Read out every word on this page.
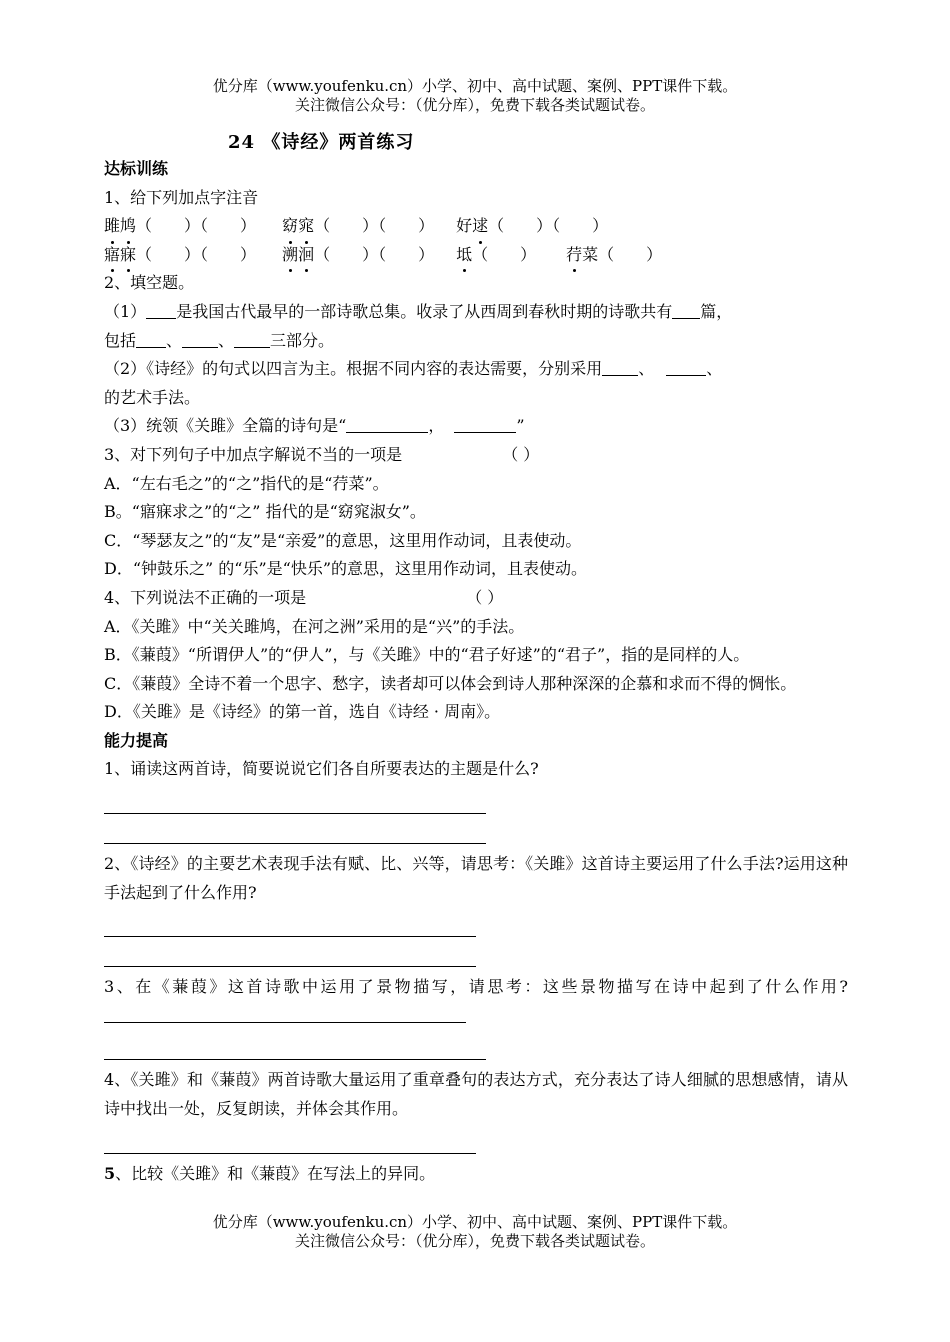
优分库（www.youfenku.cn）小学、初中、高中试题、案例、PPT课件下载。
关注微信公众号：（优分库），免费下载各类试题试卷。
24 《诗经》两首练习
达标训练
1、给下列加点字注音
雎鸠（　　）（　　） 窈窕（　　）（　　） 好逑（　　）（　　）
寤寐（　　）（　　） 溯洄（　　）（　　） 坻（　　） 荇菜（　　）
2、填空题。
（1） 是我国古代最早的一部诗歌总集。收录了从西周到春秋时期的诗歌共有 篇，
包括 、 、 三部分。
（2）《诗经》的句式以四言为主。根据不同内容的表达需要，分别采用 、	、
的艺术手法。
（3）统领《关雎》全篇的诗句是“	，	”
3、对下列句子中加点字解说不当的一项是	（ ）
A．“左右毛之”的“之”指代的是“荇菜”。
B。“寤寐求之”的“之” 指代的是“窈窕淑女”。
C．“琴瑟友之”的“友”是“亲爱”的意思，这里用作动词，且表使动。
D．“钟鼓乐之” 的“乐”是“快乐”的意思，这里用作动词，且表使动。
4、下列说法不正确的一项是	（ ）
A．《关雎》中“关关雎鸠，在河之洲”采用的是“兴”的手法。
B．《蒹葭》“所谓伊人”的“伊人”，与《关雎》中的“君子好逑”的“君子”，指的是同样的人。
C．《蒹葭》全诗不着一个思字、愁字，读者却可以体会到诗人那种深深的企慕和求而不得的惆怅。
D．《关雎》是《诗经》的第一首，选自《诗经 · 周南》。
能力提高
1、诵读这两首诗，简要说说它们各自所要表达的主题是什么?
2、《诗经》的主要艺术表现手法有赋、比、兴等，请思考：《关雎》这首诗主要运用了什么手法?运用这种手法起到了什么作用?
3、在《蒹葭》这首诗歌中运用了景物描写，请思考：这些景物描写在诗中起到了什么作用?
4、《关雎》和《蒹葭》两首诗歌大量运用了重章叠句的表达方式，充分表达了诗人细腻的思想感情，请从诗中找出一处，反复朗读，并体会其作用。
5、比较《关雎》和《蒹葭》在写法上的异同。
优分库（www.youfenku.cn）小学、初中、高中试题、案例、PPT课件下载。
关注微信公众号：（优分库），免费下载各类试题试卷。
